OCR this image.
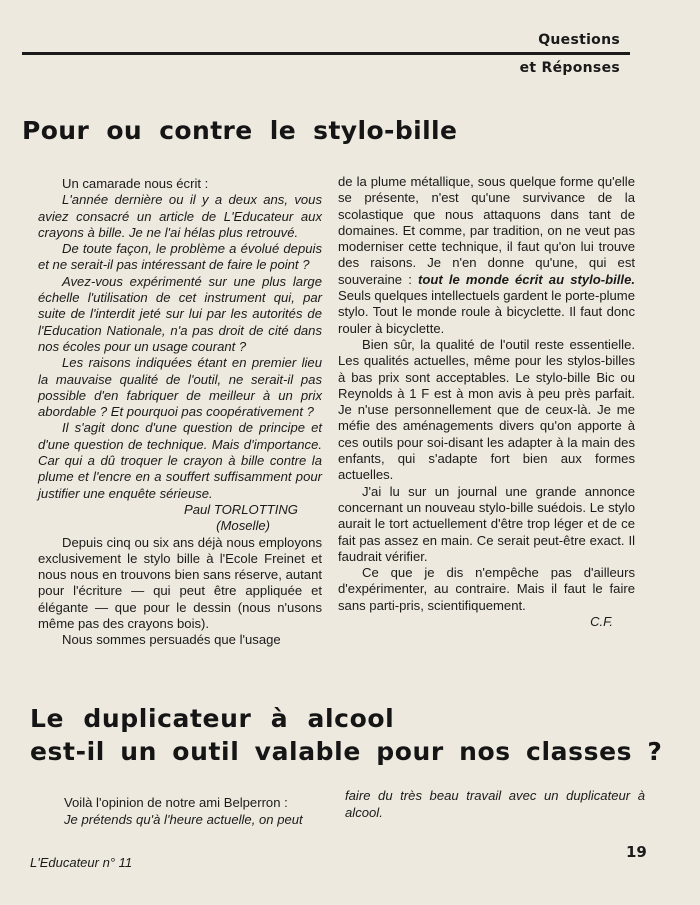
Questions
et Réponses
Pour ou contre le stylo-bille

Un camarade nous écrit :

L'année dernière ou il y a deux ans, vous aviez consacré un article de L'Educateur aux crayons à bille. Je ne l'ai hélas plus retrouvé.

De toute façon, le problème a évolué depuis et ne serait-il pas intéressant de faire le point ?

Avez-vous expérimenté sur une plus large échelle l'utilisation de cet instrument qui, par suite de l'interdit jeté sur lui par les autorités de l'Education Nationale, n'a pas droit de cité dans nos écoles pour un usage courant ?

Les raisons indiquées étant en premier lieu la mauvaise qualité de l'outil, ne serait-il pas possible d'en fabriquer de meilleur à un prix abordable ? Et pourquoi pas coopérativement ?

Il s'agit donc d'une question de principe et d'une question de technique. Mais d'importance. Car qui a dû troquer le crayon à bille contre la plume et l'encre en a souffert suffisamment pour justifier une enquête sérieuse.

Paul TORLOTTING

(Moselle)

Depuis cinq ou six ans déjà nous employons exclusivement le stylo bille à l'Ecole Freinet et nous nous en trouvons bien sans réserve, autant pour l'écriture — qui peut être appliquée et élégante — que pour le dessin (nous n'usons même pas des crayons bois).

Nous sommes persuadés que l'usage

de la plume métallique, sous quelque forme qu'elle se présente, n'est qu'une survivance de la scolastique que nous attaquons dans tant de domaines. Et comme, par tradition, on ne veut pas moderniser cette technique, il faut qu'on lui trouve des raisons. Je n'en donne qu'une, qui est souveraine : tout le monde écrit au stylo-bille. Seuls quelques intellectuels gardent le porte-plume stylo. Tout le monde roule à bicyclette. Il faut donc rouler à bicyclette.

Bien sûr, la qualité de l'outil reste essentielle. Les qualités actuelles, même pour les stylos-billes à bas prix sont acceptables. Le stylo-bille Bic ou Reynolds à 1 F est à mon avis à peu près parfait. Je n'use personnellement que de ceux-là. Je me méfie des aménagements divers qu'on apporte à ces outils pour soi-disant les adapter à la main des enfants, qui s'adapte fort bien aux formes actuelles.

J'ai lu sur un journal une grande annonce concernant un nouveau stylo-bille suédois. Le stylo aurait le tort actuellement d'être trop léger et de ce fait pas assez en main. Ce serait peut-être exact. Il faudrait vérifier.

Ce que je dis n'empêche pas d'ailleurs d'expérimenter, au contraire. Mais il faut le faire sans parti-pris, scientifiquement.

C.F.

Le duplicateur à alcool
est-il un outil valable pour nos classes ?

Voilà l'opinion de notre ami Belperron :

Je prétends qu'à l'heure actuelle, on peut

faire du très beau travail avec un duplicateur à alcool.

L'Educateur n° 11
19
